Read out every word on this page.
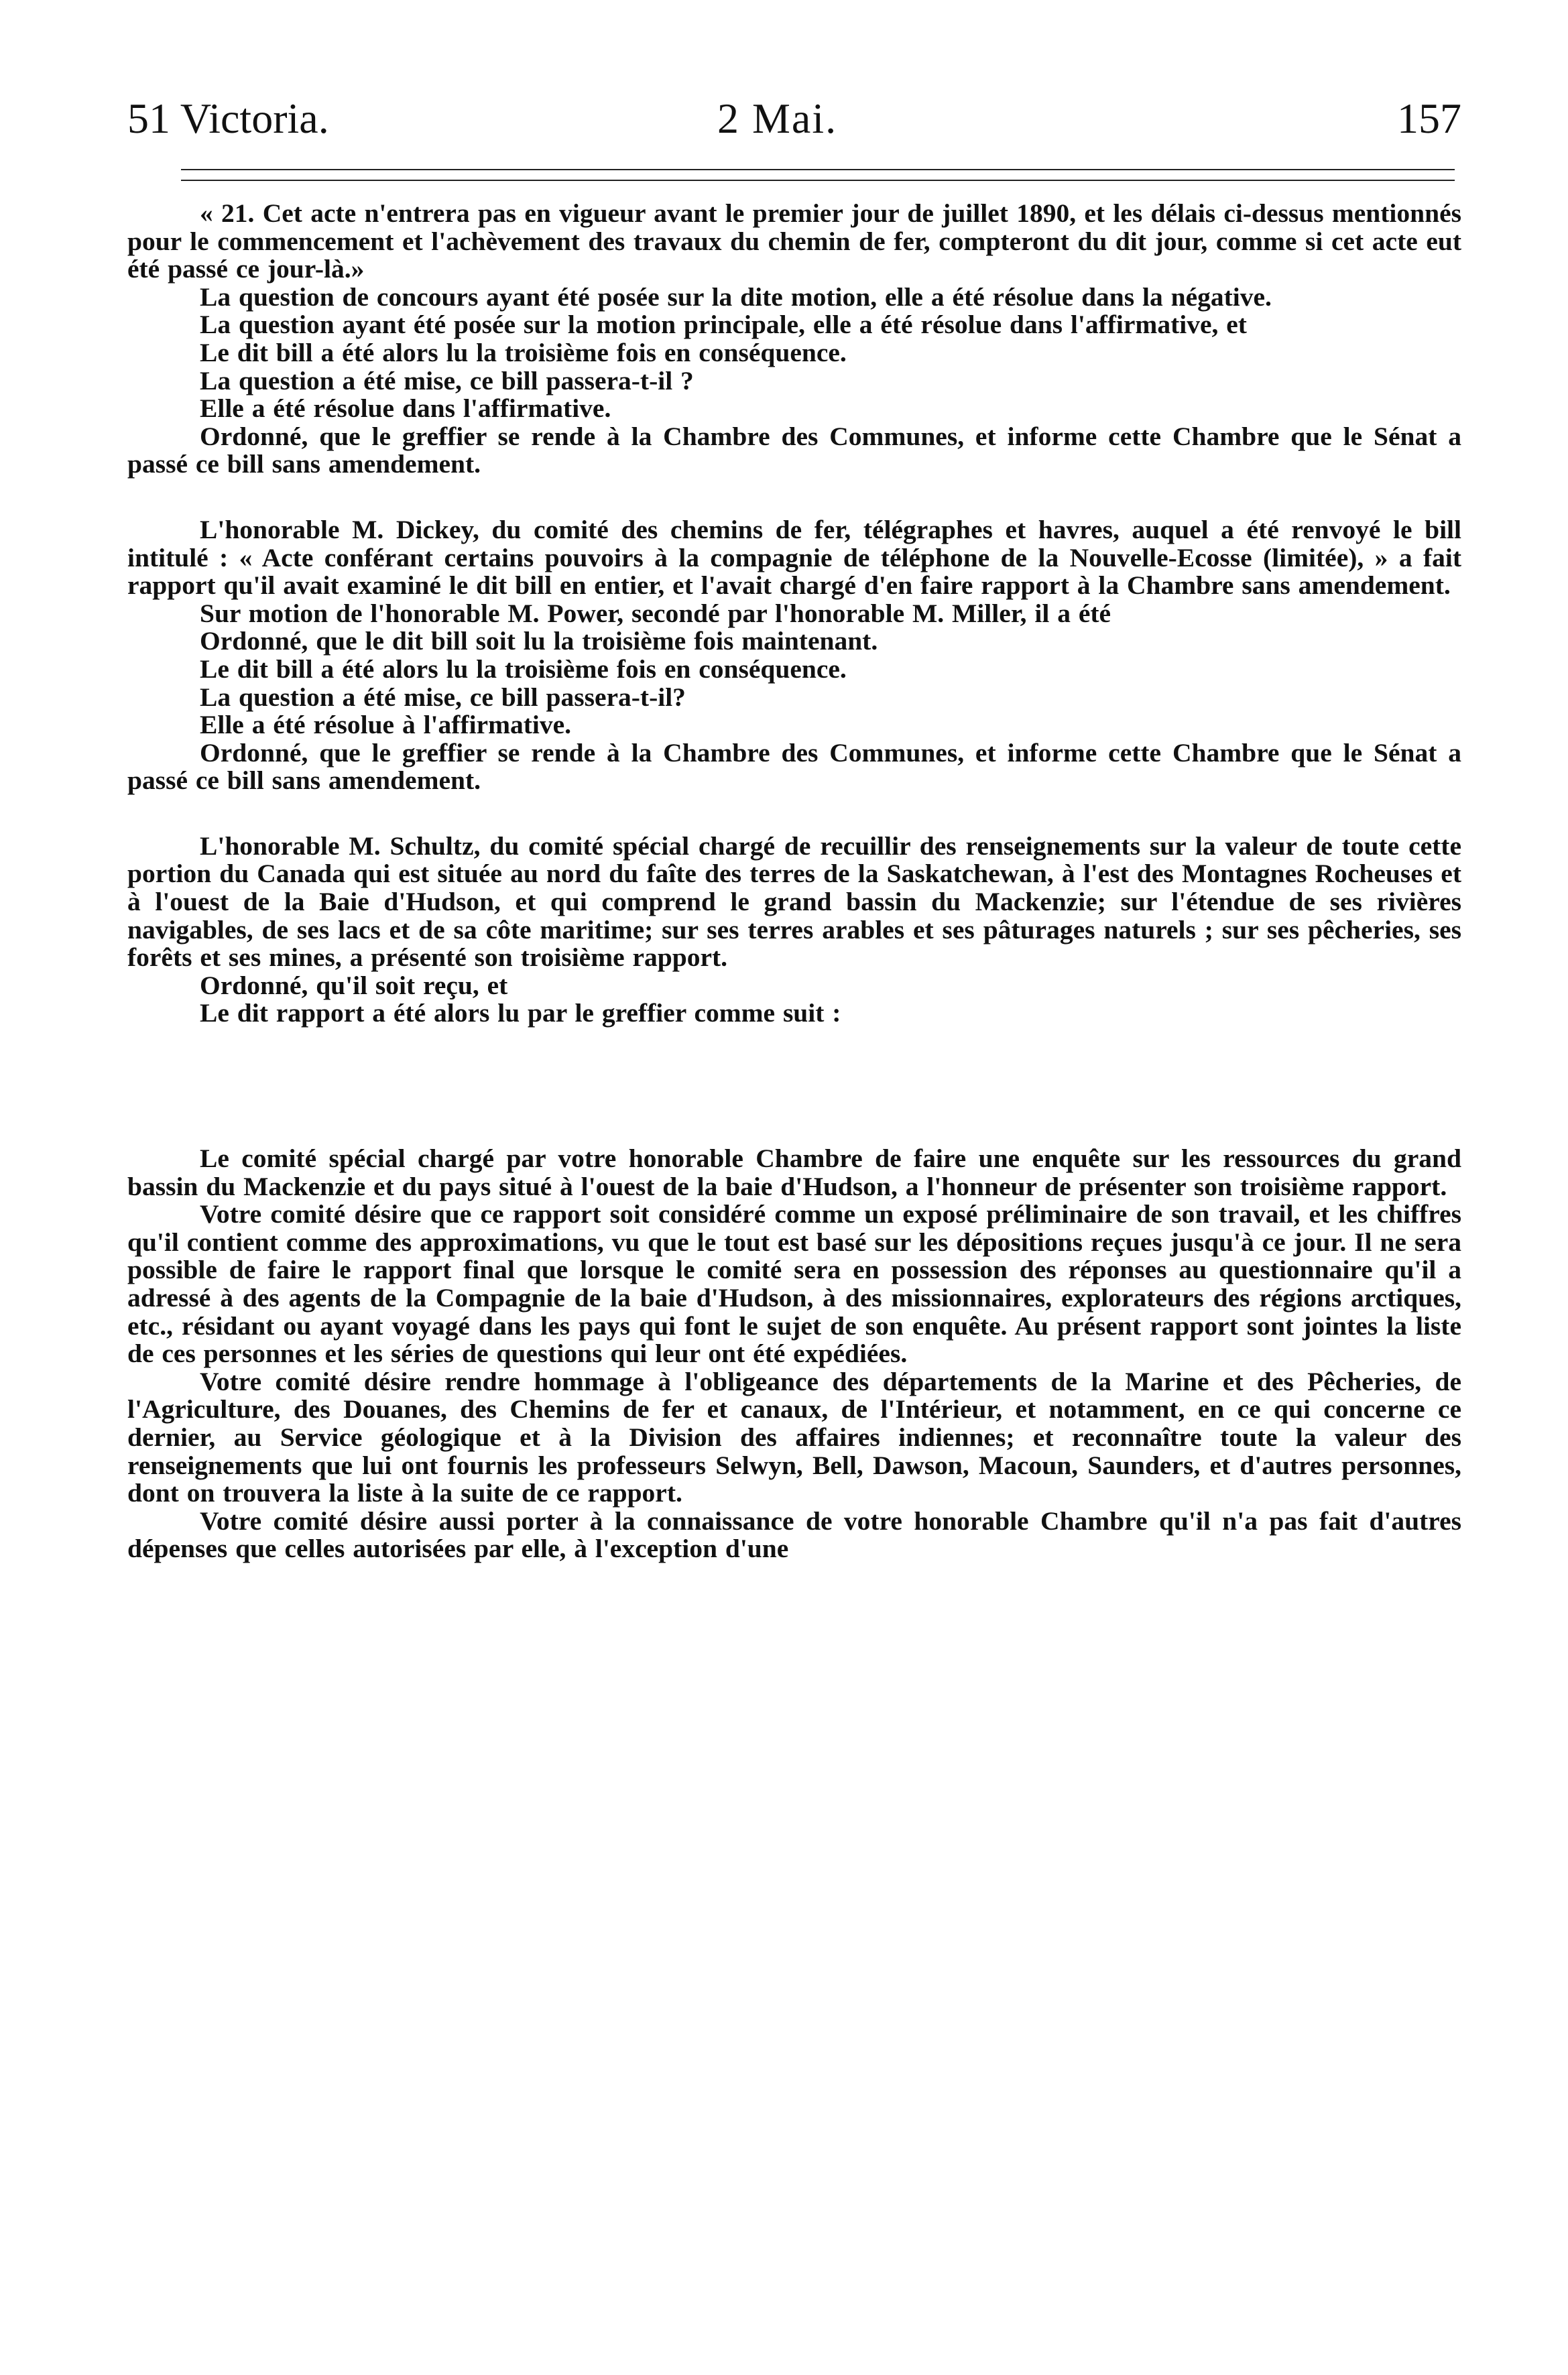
51 Victoria.	2 Mai.	157

« 21. Cet acte n'entrera pas en vigueur avant le premier jour de juillet 1890, et les délais ci-dessus mentionnés pour le commencement et l'achèvement des travaux du chemin de fer, compteront du dit jour, comme si cet acte eut été passé ce jour-là.»

La question de concours ayant été posée sur la dite motion, elle a été résolue dans la négative.

La question ayant été posée sur la motion principale, elle a été résolue dans l'affirmative, et

Le dit bill a été alors lu la troisième fois en conséquence.

La question a été mise, ce bill passera-t-il ?

Elle a été résolue dans l'affirmative.

Ordonné, que le greffier se rende à la Chambre des Communes, et informe cette Chambre que le Sénat a passé ce bill sans amendement.

L'honorable M. Dickey, du comité des chemins de fer, télégraphes et havres, auquel a été renvoyé le bill intitulé : « Acte conférant certains pouvoirs à la compagnie de téléphone de la Nouvelle-Ecosse (limitée), » a fait rapport qu'il avait examiné le dit bill en entier, et l'avait chargé d'en faire rapport à la Chambre sans amendement.

Sur motion de l'honorable M. Power, secondé par l'honorable M. Miller, il a été

Ordonné, que le dit bill soit lu la troisième fois maintenant.

Le dit bill a été alors lu la troisième fois en conséquence.

La question a été mise, ce bill passera-t-il?

Elle a été résolue à l'affirmative.

Ordonné, que le greffier se rende à la Chambre des Communes, et informe cette Chambre que le Sénat a passé ce bill sans amendement.

L'honorable M. Schultz, du comité spécial chargé de recuillir des renseignements sur la valeur de toute cette portion du Canada qui est située au nord du faîte des terres de la Saskatchewan, à l'est des Montagnes Rocheuses et à l'ouest de la Baie d'Hudson, et qui comprend le grand bassin du Mackenzie; sur l'étendue de ses rivières navigables, de ses lacs et de sa côte maritime; sur ses terres arables et ses pâturages naturels ; sur ses pêcheries, ses forêts et ses mines, a présenté son troisième rapport.

Ordonné, qu'il soit reçu, et

Le dit rapport a été alors lu par le greffier comme suit :

Le comité spécial chargé par votre honorable Chambre de faire une enquête sur les ressources du grand bassin du Mackenzie et du pays situé à l'ouest de la baie d'Hudson, a l'honneur de présenter son troisième rapport.

Votre comité désire que ce rapport soit considéré comme un exposé préliminaire de son travail, et les chiffres qu'il contient comme des approximations, vu que le tout est basé sur les dépositions reçues jusqu'à ce jour. Il ne sera possible de faire le rapport final que lorsque le comité sera en possession des réponses au questionnaire qu'il a adressé à des agents de la Compagnie de la baie d'Hudson, à des missionnaires, explorateurs des régions arctiques, etc., résidant ou ayant voyagé dans les pays qui font le sujet de son enquête. Au présent rapport sont jointes la liste de ces personnes et les séries de questions qui leur ont été expédiées.

Votre comité désire rendre hommage à l'obligeance des départements de la Marine et des Pêcheries, de l'Agriculture, des Douanes, des Chemins de fer et canaux, de l'Intérieur, et notamment, en ce qui concerne ce dernier, au Service géologique et à la Division des affaires indiennes; et reconnaître toute la valeur des renseignements que lui ont fournis les professeurs Selwyn, Bell, Dawson, Macoun, Saunders, et d'autres personnes, dont on trouvera la liste à la suite de ce rapport.

Votre comité désire aussi porter à la connaissance de votre honorable Chambre qu'il n'a pas fait d'autres dépenses que celles autorisées par elle, à l'exception d'une
